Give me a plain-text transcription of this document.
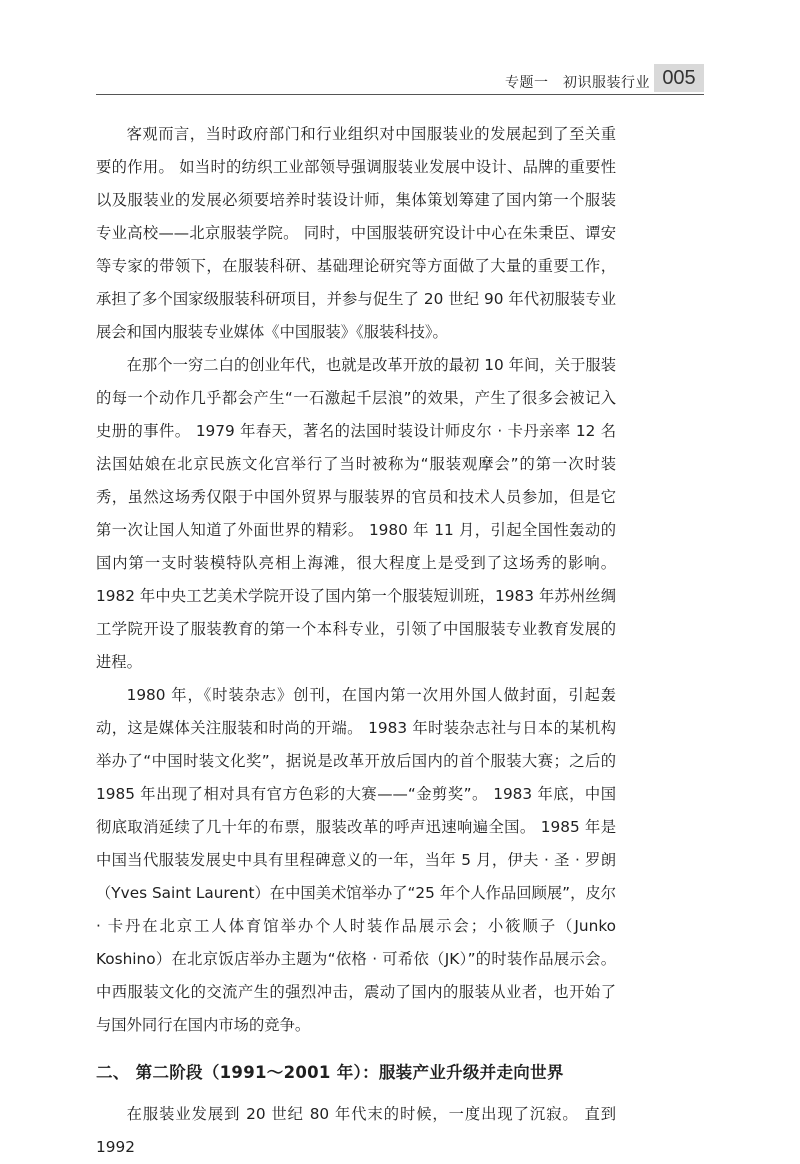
专题一　初识服装行业 005

客观而言，当时政府部门和行业组织对中国服装业的发展起到了至关重要的作用。 如当时的纺织工业部领导强调服装业发展中设计、品牌的重要性以及服装业的发展必须要培养时装设计师，集体策划筹建了国内第一个服装专业高校——北京服装学院。 同时，中国服装研究设计中心在朱秉臣、谭安等专家的带领下，在服装科研、基础理论研究等方面做了大量的重要工作，承担了多个国家级服装科研项目，并参与促生了 20 世纪 90 年代初服装专业展会和国内服装专业媒体《中国服装》《服装科技》。

在那个一穷二白的创业年代，也就是改革开放的最初 10 年间，关于服装的每一个动作几乎都会产生“一石激起千层浪”的效果，产生了很多会被记入史册的事件。 1979 年春天，著名的法国时装设计师皮尔 · 卡丹亲率 12 名法国姑娘在北京民族文化宫举行了当时被称为“服装观摩会”的第一次时装秀，虽然这场秀仅限于中国外贸界与服装界的官员和技术人员参加，但是它第一次让国人知道了外面世界的精彩。 1980 年 11 月，引起全国性轰动的国内第一支时装模特队亮相上海滩，很大程度上是受到了这场秀的影响。 1982 年中央工艺美术学院开设了国内第一个服装短训班，1983 年苏州丝绸工学院开设了服装教育的第一个本科专业，引领了中国服装专业教育发展的进程。

1980 年，《时装杂志》创刊，在国内第一次用外国人做封面，引起轰动，这是媒体关注服装和时尚的开端。 1983 年时装杂志社与日本的某机构举办了“中国时装文化奖”，据说是改革开放后国内的首个服装大赛；之后的 1985 年出现了相对具有官方色彩的大赛——“金剪奖”。 1983 年底，中国彻底取消延续了几十年的布票，服装改革的呼声迅速响遍全国。 1985 年是中国当代服装发展史中具有里程碑意义的一年，当年 5 月，伊夫 · 圣 · 罗朗（Yves Saint Laurent）在中国美术馆举办了“25 年个人作品回顾展”，皮尔 · 卡丹在北京工人体育馆举办个人时装作品展示会；小筱顺子（Junko Koshino）在北京饭店举办主题为“依格 · 可希依（JK）”的时装作品展示会。 中西服装文化的交流产生的强烈冲击，震动了国内的服装从业者，也开始了与国外同行在国内市场的竞争。

二、 第二阶段（1991～2001 年）：服装产业升级并走向世界

在服装业发展到 20 世纪 80 年代末的时候，一度出现了沉寂。 直到 1992
